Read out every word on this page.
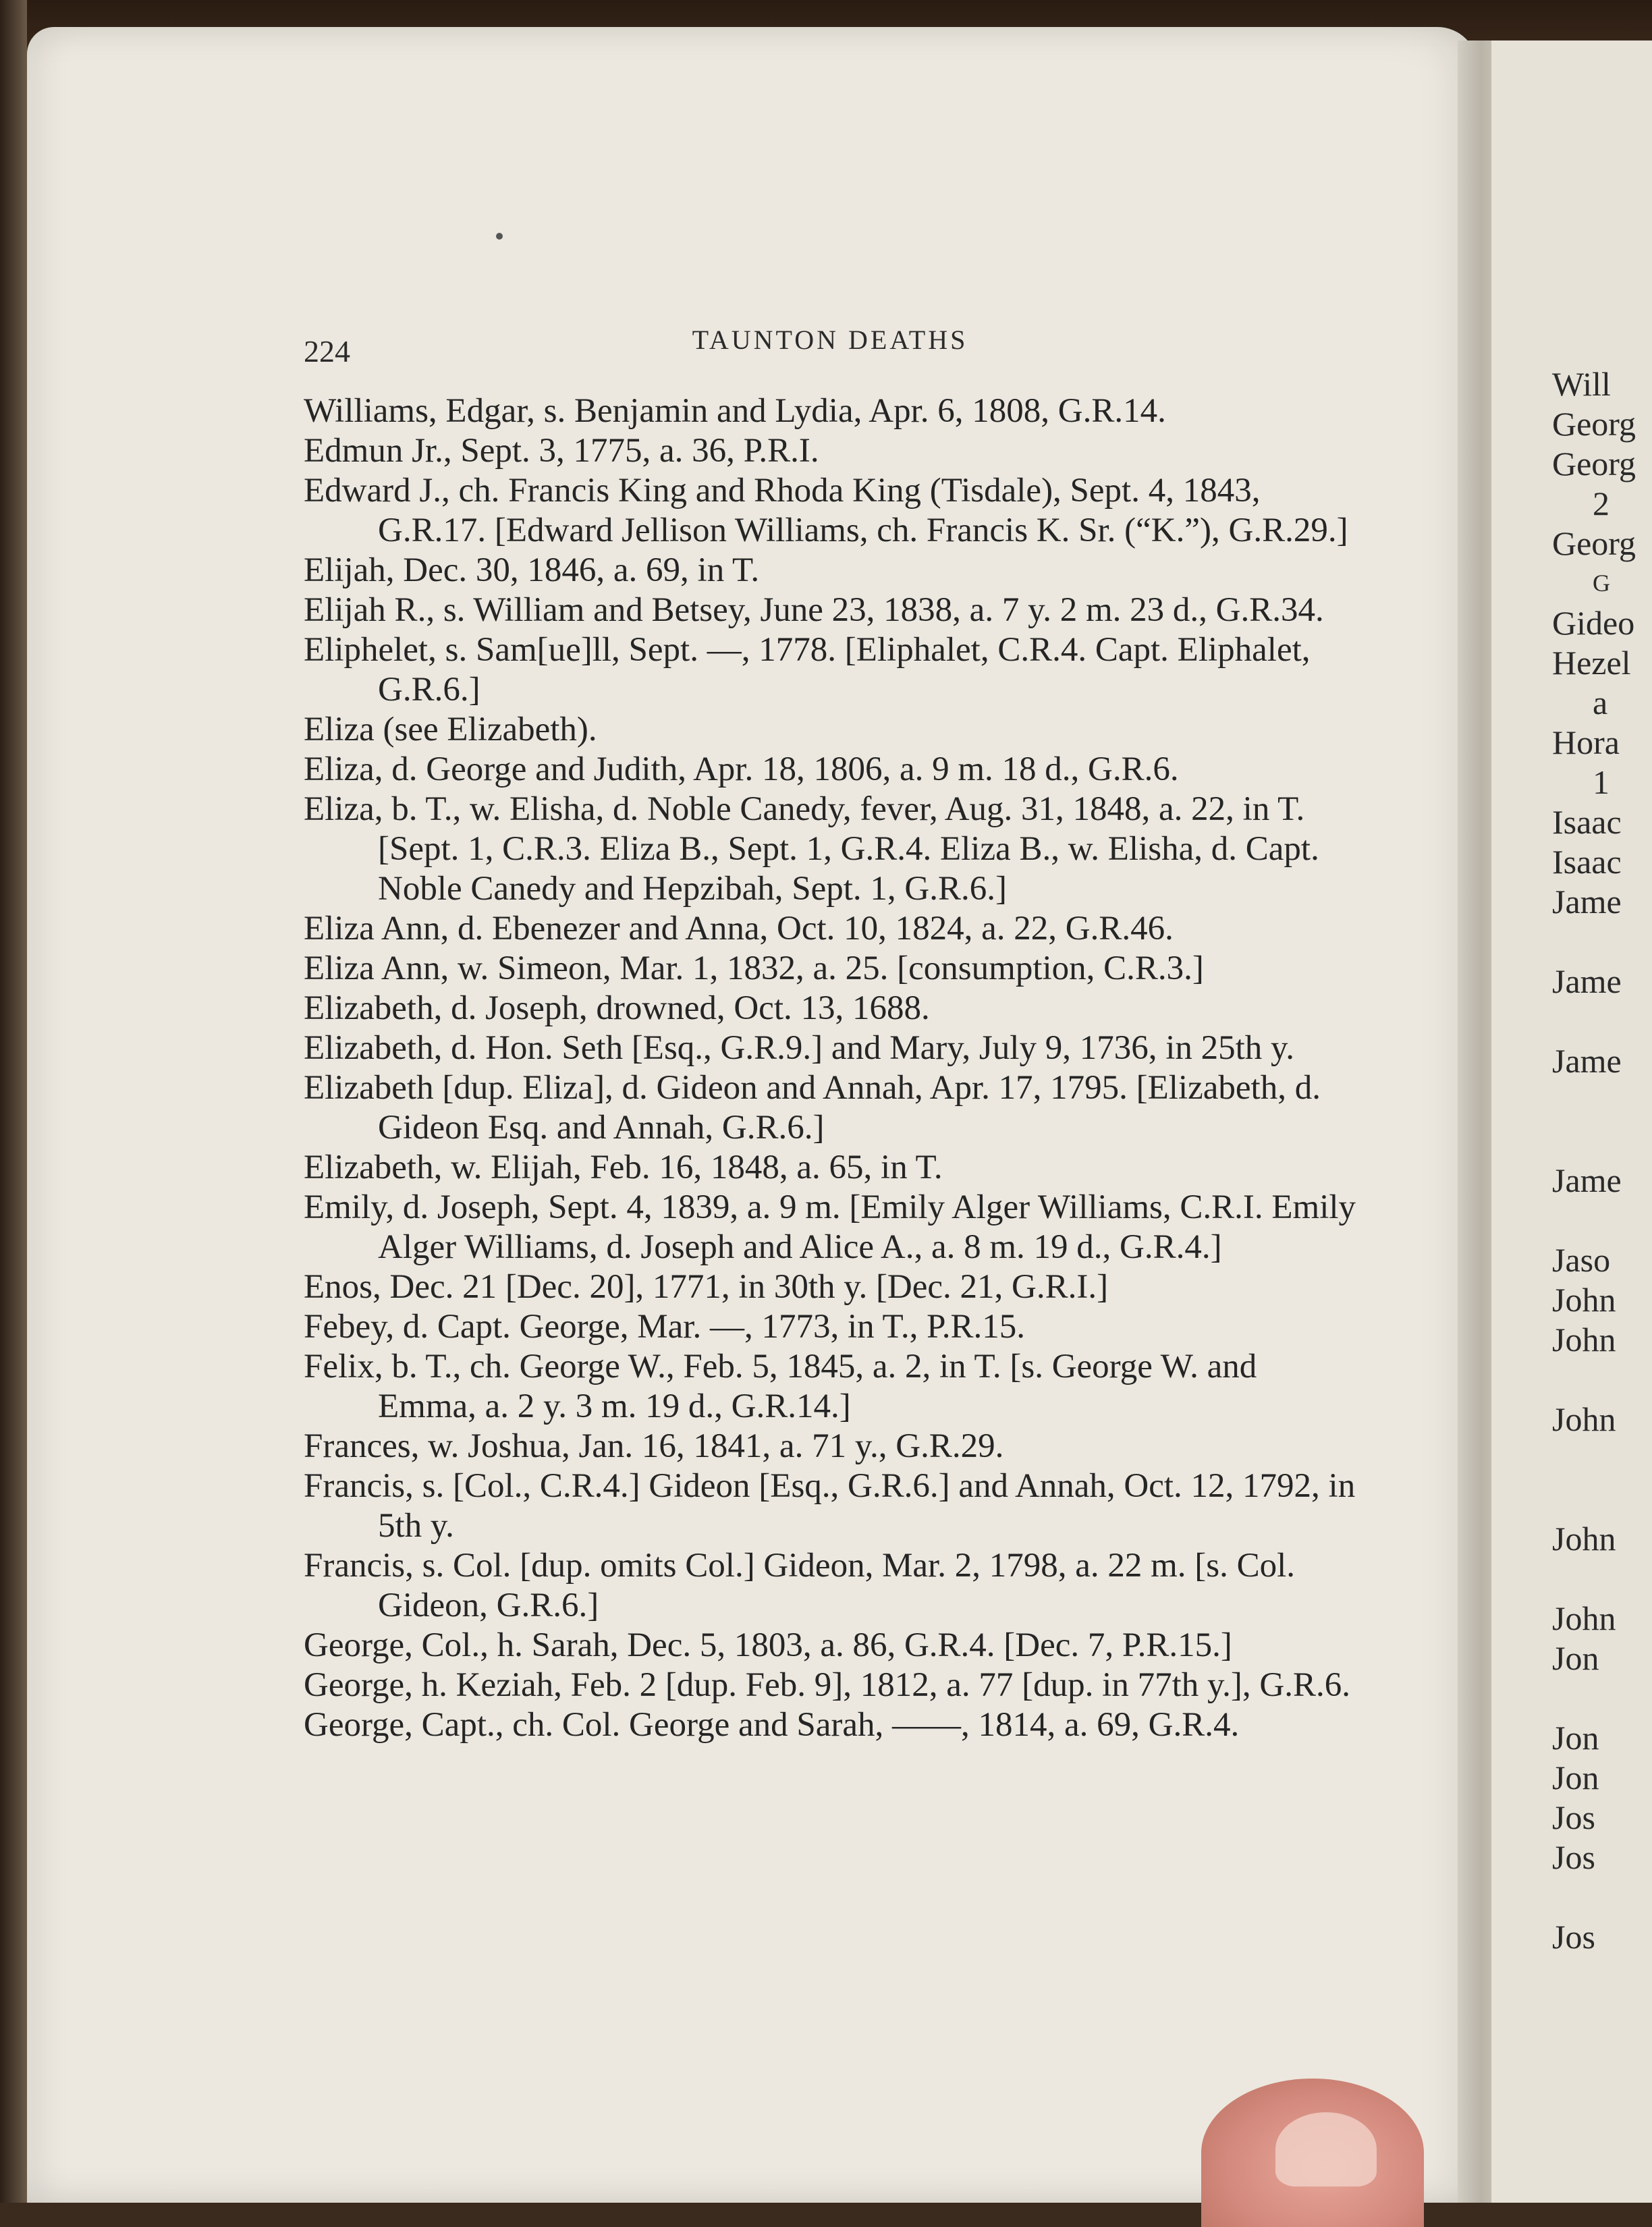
224	TAUNTON DEATHS

Williams, Edgar, s. Benjamin and Lydia, Apr. 6, 1808, G.R.14.

Edmun Jr., Sept. 3, 1775, a. 36, P.R.I.

Edward J., ch. Francis King and Rhoda King (Tisdale), Sept. 4, 1843, G.R.17. [Edward Jellison Williams, ch. Francis K. Sr. (“K.”), G.R.29.]

Elijah, Dec. 30, 1846, a. 69, in T.

Elijah R., s. William and Betsey, June 23, 1838, a. 7 y. 2 m. 23 d., G.R.34.

Eliphelet, s. Sam[ue]ll, Sept. —, 1778. [Eliphalet, C.R.4. Capt. Eliphalet, G.R.6.]

Eliza (see Elizabeth).

Eliza, d. George and Judith, Apr. 18, 1806, a. 9 m. 18 d., G.R.6.

Eliza, b. T., w. Elisha, d. Noble Canedy, fever, Aug. 31, 1848, a. 22, in T. [Sept. 1, C.R.3. Eliza B., Sept. 1, G.R.4. Eliza B., w. Elisha, d. Capt. Noble Canedy and Hepzibah, Sept. 1, G.R.6.]

Eliza Ann, d. Ebenezer and Anna, Oct. 10, 1824, a. 22, G.R.46.

Eliza Ann, w. Simeon, Mar. 1, 1832, a. 25. [consumption, C.R.3.]

Elizabeth, d. Joseph, drowned, Oct. 13, 1688.

Elizabeth, d. Hon. Seth [Esq., G.R.9.] and Mary, July 9, 1736, in 25th y.

Elizabeth [dup. Eliza], d. Gideon and Annah, Apr. 17, 1795. [Elizabeth, d. Gideon Esq. and Annah, G.R.6.]

Elizabeth, w. Elijah, Feb. 16, 1848, a. 65, in T.

Emily, d. Joseph, Sept. 4, 1839, a. 9 m. [Emily Alger Williams, C.R.I. Emily Alger Williams, d. Joseph and Alice A., a. 8 m. 19 d., G.R.4.]

Enos, Dec. 21 [Dec. 20], 1771, in 30th y. [Dec. 21, G.R.I.]

Febey, d. Capt. George, Mar. —, 1773, in T., P.R.15.

Felix, b. T., ch. George W., Feb. 5, 1845, a. 2, in T. [s. George W. and Emma, a. 2 y. 3 m. 19 d., G.R.14.]

Frances, w. Joshua, Jan. 16, 1841, a. 71 y., G.R.29.

Francis, s. [Col., C.R.4.] Gideon [Esq., G.R.6.] and Annah, Oct. 12, 1792, in 5th y.

Francis, s. Col. [dup. omits Col.] Gideon, Mar. 2, 1798, a. 22 m. [s. Col. Gideon, G.R.6.]

George, Col., h. Sarah, Dec. 5, 1803, a. 86, G.R.4. [Dec. 7, P.R.15.]

George, h. Keziah, Feb. 2 [dup. Feb. 9], 1812, a. 77 [dup. in 77th y.], G.R.6.

George, Capt., ch. Col. George and Sarah, ——, 1814, a. 69, G.R.4.

Will
Georg
Georg
2
Georg
G
Gideo
Hezel
a
Hora
1
Isaac
Isaac
Jame
Jame
Jame
Jame
Jaso
John
John
John
John
John
Jon
Jon
Jon
Jos
Jos
Jos
